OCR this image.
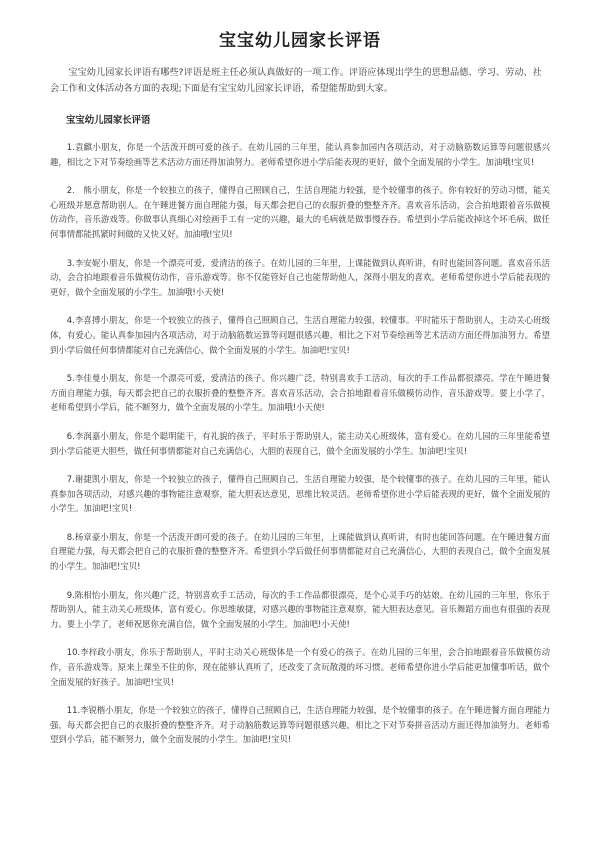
宝宝幼儿园家长评语

宝宝幼儿园家长评语有哪些?评语是班主任必须认真做好的一项工作。评语应体现出学生的思想品德、学习、劳动、社会工作和文体活动各方面的表现;下面是有宝宝幼儿园家长评语，希望能帮助到大家。

宝宝幼儿园家长评语

1.袁麒小朋友，你是一个活泼开朗可爱的孩子。在幼儿园的三年里，能认真参加园内各项活动，对于动脑筋数运算等问题很感兴趣，相比之下对节奏绘画等艺术活动方面还得加油努力。老师希望你进小学后能表现的更好，做个全面发展的小学生。加油哦!宝贝!

2.　熊小朋友，你是一个较独立的孩子，懂得自己照顾自己，生活自理能力较强，是个较懂事的孩子。你有较好的劳动习惯，能关心班级并愿意帮助别人。在午睡进餐方面自理能力强，每天都会把自己的衣服折叠的整整齐齐。喜欢音乐活动，会合拍地跟着音乐做模仿动作，音乐游戏等。你做事认真细心对绘画手工有一定的兴趣，最大的毛病就是做事慢吞吞。希望到小学后能改掉这个坏毛病，做任何事情都能抓紧时间做的又快又好。加油哦!宝贝!

3.李安妮小朋友，你是一个漂亮可爱，爱清洁的孩子。在幼儿园的三年里，上课能做到认真听讲，有时也能回答问题。喜欢音乐活动，会合拍地跟着音乐做模仿动作，音乐游戏等。你不仅能管好自己也能帮助他人，深得小朋友的喜欢。老师希望你进小学后能表现的更好，做个全面发展的小学生。加油哦!小天使!

4.李喜搏小朋友，你是一个较独立的孩子，懂得自己照顾自己，生活自理能力较强，较懂事。平时能乐于帮助别人，主动关心班级体，有爱心。能认真参加园内各项活动，对于动脑筋数运算等问题很感兴趣，相比之下对节奏绘画等艺术活动方面还得加油努力。希望到小学后做任何事情都能对自己充满信心，做个全面发展的小学生。加油吧!宝贝!

5.李佳曼小朋友，你是一个漂亮可爱，爱清洁的孩子。你兴趣广泛，特别喜欢手工活动，每次的手工作品都很漂亮。学在午睡进餐方面自理能力强，每天都会把自己的衣服折叠的整整齐齐。喜欢音乐活动，会合拍地跟着音乐做模仿动作，音乐游戏等。要上小学了，老师希望到小学后，能不断努力，做个全面发展的小学生。加油哦!小天使!

6.李润嘉小朋友，你是个聪明能干，有礼貌的孩子，平时乐于帮助别人，能主动关心班级体，富有爱心。在幼儿园的三年里能希望到小学后能更大胆些，做任何事情都能对自己充满信心，大胆的表现自己，做个全面发展的小学生。加油吧!宝贝!

7.谢捷凯小朋友，你是一个较独立的孩子，懂得自己照顾自己，生活自理能力较强，是个较懂事的孩子。在幼儿园的三年里，能认真参加各项活动，对感兴趣的事物能注意观察，能大胆表达意见，思维比较灵活。老师希望你进小学后能表现的更好，做个全面发展的小学生。加油吧!宝贝!

8.杨章豪小朋友，你是一个活泼开朗可爱的孩子。在幼儿园的三年里，上课能做到认真听讲，有时也能回答问题。在午睡进餐方面自理能力强，每天都会把自己的衣服折叠的整整齐齐。希望到小学后做任何事情都能对自己充满信心，大胆的表现自己，做个全面发展的小学生。加油吧!宝贝!

9.陈相怡小朋友，你兴趣广泛，特别喜欢手工活动，每次的手工作品都很漂亮，是个心灵手巧的姑娘。在幼儿园的三年里，你乐于帮助别人，能主动关心班级体，富有爱心。你思维敏捷，对感兴趣的事物能注意观察，能大胆表达意见。音乐舞蹈方面也有很强的表现力。要上小学了，老师祝愿你充满自信，做个全面发展的小学生。加油吧!小天使!

10.李梓政小朋友，你乐于帮助别人，平时主动关心班级体是一个有爱心的孩子。在幼儿园的三年里，会合拍地跟着音乐做模仿动作，音乐游戏等。原来上课坐不住的你，现在能够认真听了，还改变了贪玩散漫的坏习惯。老师希望你进小学后能更加懂事听话，做个全面发展的好孩子。加油吧!宝贝!

11.李锐楷小朋友，你是一个较独立的孩子，懂得自己照顾自己，生活自理能力较强，是个较懂事的孩子。在午睡进餐方面自理能力强，每天都会把自己的衣服折叠的整整齐齐。对于动脑筋数运算等问题很感兴趣，相比之下对节奏拼音活动方面还得加油努力。老师希望到小学后，能不断努力，做个全面发展的小学生。加油吧!宝贝!
